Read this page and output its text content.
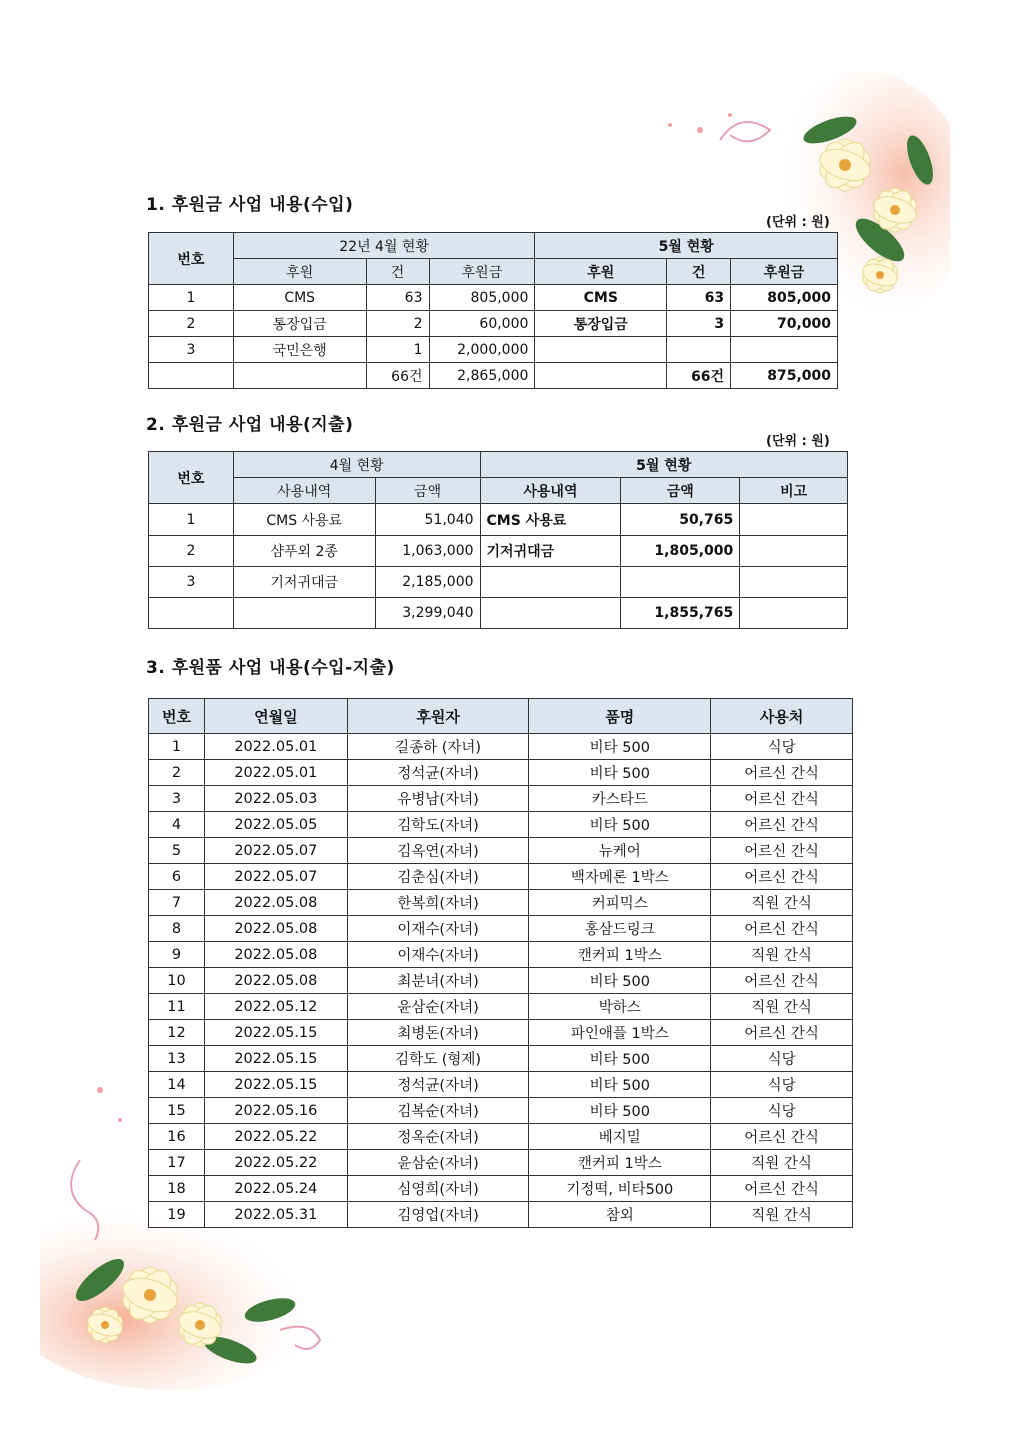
1. 후원금 사업 내용(수입)
(단위 : 원)
번호	22년 4월 현황			5월 현황		
	후원	건	후원금	후원	건	후원금
1	CMS	63	805,000	CMS	63	805,000
2	통장입금	2	60,000	통장입금	3	70,000
3	국민은행	1	2,000,000			
		66건	2,865,000		66건	875,000
2. 후원금 사업 내용(지출)
(단위 : 원)
번호	4월 현황		5월 현황		
	사용내역	금액	사용내역	금액	비고
1	CMS 사용료	51,040	CMS 사용료	50,765	
2	샴푸외 2종	1,063,000	기저귀대금	1,805,000	
3	기저귀대금	2,185,000			
		3,299,040		1,855,765	
3. 후원품 사업 내용(수입-지출)
번호	연월일	후원자	품명	사용처
1	2022.05.01	길종하 (자녀)	비타 500	식당
2	2022.05.01	정석균(자녀)	비타 500	어르신 간식
3	2022.05.03	유병남(자녀)	카스타드	어르신 간식
4	2022.05.05	김학도(자녀)	비타 500	어르신 간식
5	2022.05.07	김옥연(자녀)	뉴케어	어르신 간식
6	2022.05.07	김춘심(자녀)	백자메론 1박스	어르신 간식
7	2022.05.08	한복희(자녀)	커피믹스	직원 간식
8	2022.05.08	이재수(자녀)	홍삼드링크	어르신 간식
9	2022.05.08	이재수(자녀)	캔커피 1박스	직원 간식
10	2022.05.08	최분녀(자녀)	비타 500	어르신 간식
11	2022.05.12	윤삼순(자녀)	박하스	직원 간식
12	2022.05.15	최병돈(자녀)	파인애플 1박스	어르신 간식
13	2022.05.15	김학도 (형제)	비타 500	식당
14	2022.05.15	정석균(자녀)	비타 500	식당
15	2022.05.16	김복순(자녀)	비타 500	식당
16	2022.05.22	정옥순(자녀)	베지밀	어르신 간식
17	2022.05.22	윤삼순(자녀)	캔커피 1박스	직원 간식
18	2022.05.24	심영희(자녀)	기정떡, 비타500	어르신 간식
19	2022.05.31	김영업(자녀)	참외	직원 간식
